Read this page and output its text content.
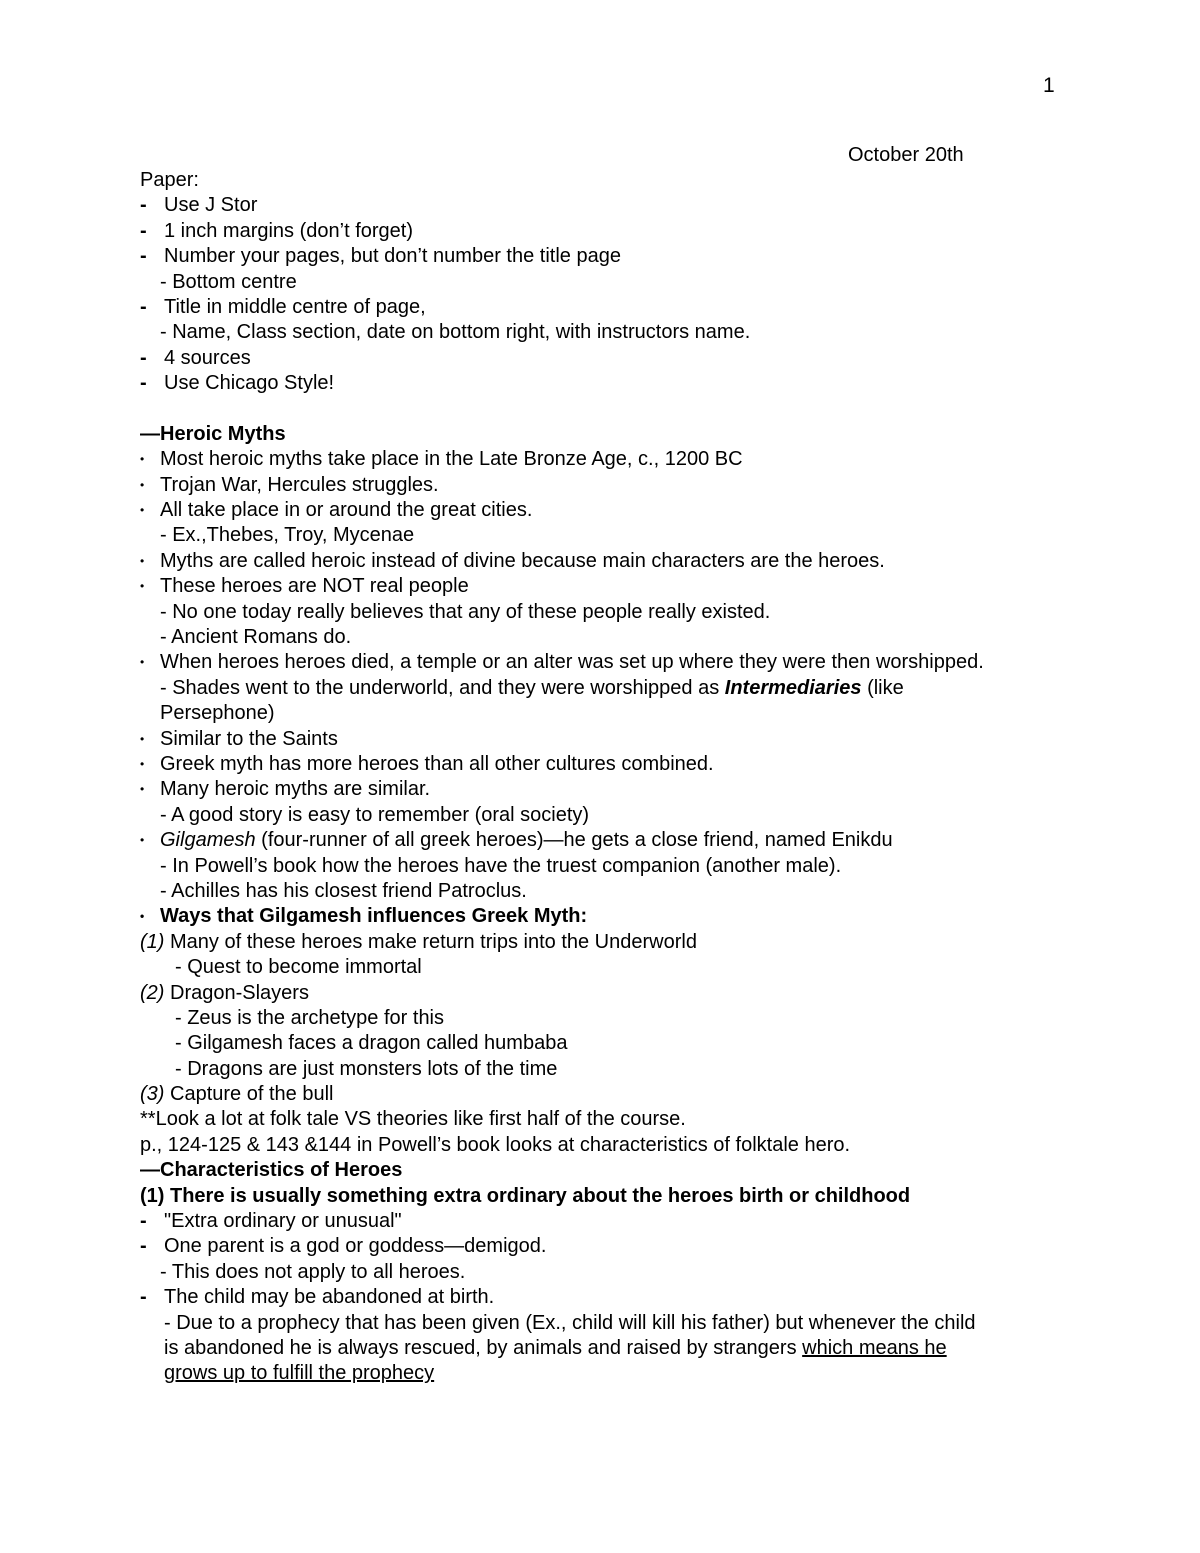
1
October 20th
Paper:
- Use J Stor
- 1 inch margins (don’t forget)
- Number your pages, but don’t number the title page
- Bottom centre
- Title in middle centre of page,
- Name, Class section, date on bottom right, with instructors name.
- 4 sources
- Use Chicago Style!
—Heroic Myths
• Most heroic myths take place in the Late Bronze Age, c., 1200 BC
• Trojan War, Hercules struggles.
• All take place in or around the great cities.
- Ex.,Thebes, Troy, Mycenae
• Myths are called heroic instead of divine because main characters are the heroes.
• These heroes are NOT real people
- No one today really believes that any of these people really existed.
- Ancient Romans do.
• When heroes heroes died, a temple or an alter was set up where they were then worshipped.
- Shades went to the underworld, and they were worshipped as Intermediaries (like
Persephone)
• Similar to the Saints
• Greek myth has more heroes than all other cultures combined.
• Many heroic myths are similar.
- A good story is easy to remember (oral society)
• Gilgamesh (four-runner of all greek heroes)—he gets a close friend, named Enikdu
- In Powell’s book how the heroes have the truest companion (another male).
- Achilles has his closest friend Patroclus.
• Ways that Gilgamesh influences Greek Myth:
(1) Many of these heroes make return trips into the Underworld
- Quest to become immortal
(2) Dragon-Slayers
- Zeus is the archetype for this
- Gilgamesh faces a dragon called humbaba
- Dragons are just monsters lots of the time
(3) Capture of the bull
**Look a lot at folk tale VS theories like first half of the course.
p., 124-125 & 143 &144 in Powell’s book looks at characteristics of folktale hero.
—Characteristics of Heroes
(1) There is usually something extra ordinary about the heroes birth or childhood
- "Extra ordinary or unusual"
- One parent is a god or goddess—demigod.
- This does not apply to all heroes.
- The child may be abandoned at birth.
- Due to a prophecy that has been given (Ex., child will kill his father) but whenever the child
is abandoned he is always rescued, by animals and raised by strangers which means he
grows up to fulfill the prophecy
